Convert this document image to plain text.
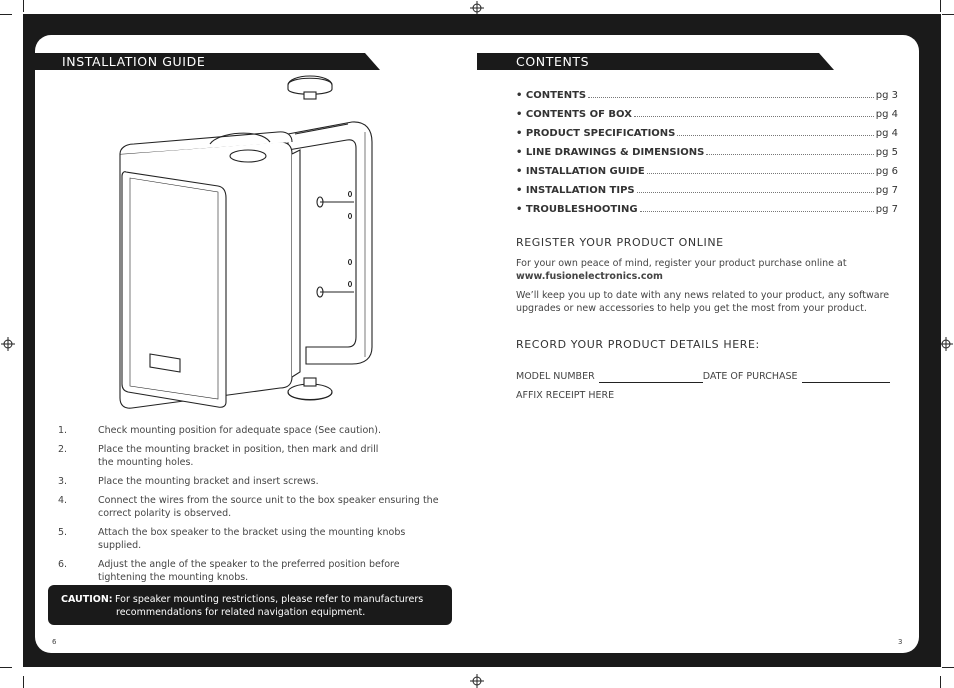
INSTALLATION GUIDE
1.	Check mounting position for adequate space (See caution).
2.	Place the mounting bracket in position, then mark and drill the mounting holes.
3.	Place the mounting bracket and insert screws.
4.	Connect the wires from the source unit to the box speaker ensuring the correct polarity is observed.
5.	Attach the box speaker to the bracket using the mounting knobs supplied.
6.	Adjust the angle of the speaker to the preferred position before tightening the mounting knobs.
CAUTION: For speaker mounting restrictions, please refer to manufacturers
recommendations for related navigation equipment.
6
CONTENTS
• CONTENTS	pg 3
• CONTENTS OF BOX	pg 4
• PRODUCT SPECIFICATIONS	pg 4
• LINE DRAWINGS & DIMENSIONS	pg 5
• INSTALLATION GUIDE	pg 6
• INSTALLATION TIPS	pg 7
• TROUBLESHOOTING	pg 7
REGISTER YOUR PRODUCT ONLINE
For your own peace of mind, register your product purchase online at
www.fusionelectronics.com
We’ll keep you up to date with any news related to your product, any software
upgrades or new accessories to help you get the most from your product.
RECORD YOUR PRODUCT DETAILS HERE:
MODEL NUMBER	DATE OF PURCHASE
AFFIX RECEIPT HERE
3
